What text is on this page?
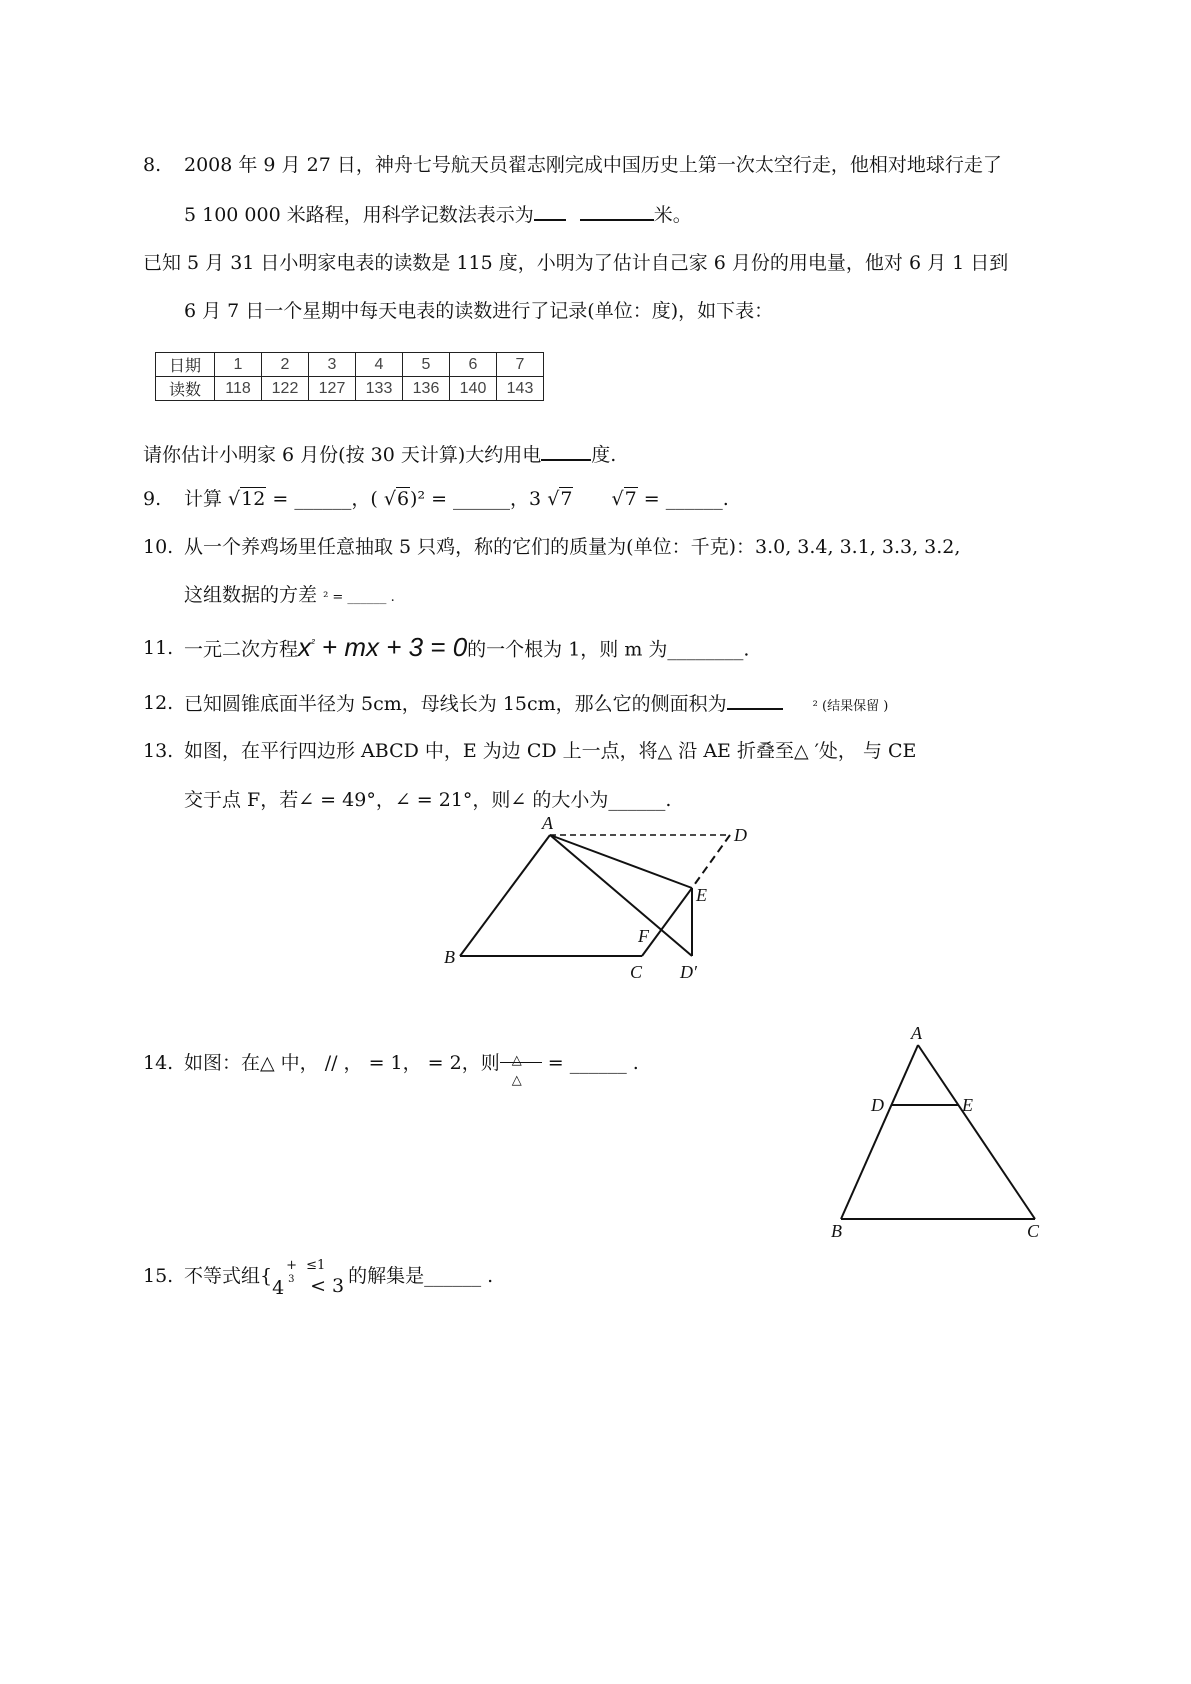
8. 2008 年 9 月 27 日，神舟七号航天员翟志刚完成中国历史上第一次太空行走，他相对地球行走了
5 100 000 米路程，用科学记数法表示为	米。
已知 5 月 31 日小明家电表的读数是 115 度，小明为了估计自己家 6 月份的用电量，他对 6 月 1 日到
6 月 7 日一个星期中每天电表的读数进行了记录(单位：度)，如下表：
日期	1	2	3	4	5	6	7
读数	118	122	127	133	136	140	143
请你估计小明家 6 月份(按 30 天计算)大约用电	度.
9. 计算 √12 = ______，( √6)² = ______，3 √7  √7 = ______.
10. 从一个养鸡场里任意抽取 5 只鸡，称的它们的质量为(单位：千克)：3.0, 3.4, 3.1, 3.3, 3.2,
这组数据的方差 ² = ______ .
11. 一元二次方程$x^{^2}$ + mx + 3 = 0的一个根为 1，则 m 为________.
12. 已知圆锥底面半径为 5cm，母线长为 15cm，那么它的侧面积为	² (结果保留 )
13. 如图，在平行四边形 ABCD 中，E 为边 CD 上一点，将△ 沿 AE 折叠至△ ′处， 与 CE
交于点 F，若∠ = 49°，∠ = 21°，则∠ 的大小为______.
A
B
C
D
E
F
D′
14. 如图：在△ 中， // ， = 1， = 2，则 △
△
= ______ .
A
B	C
D	E
15. 不等式组{ + ≤1
3
4 < 3 的解集是______ .
